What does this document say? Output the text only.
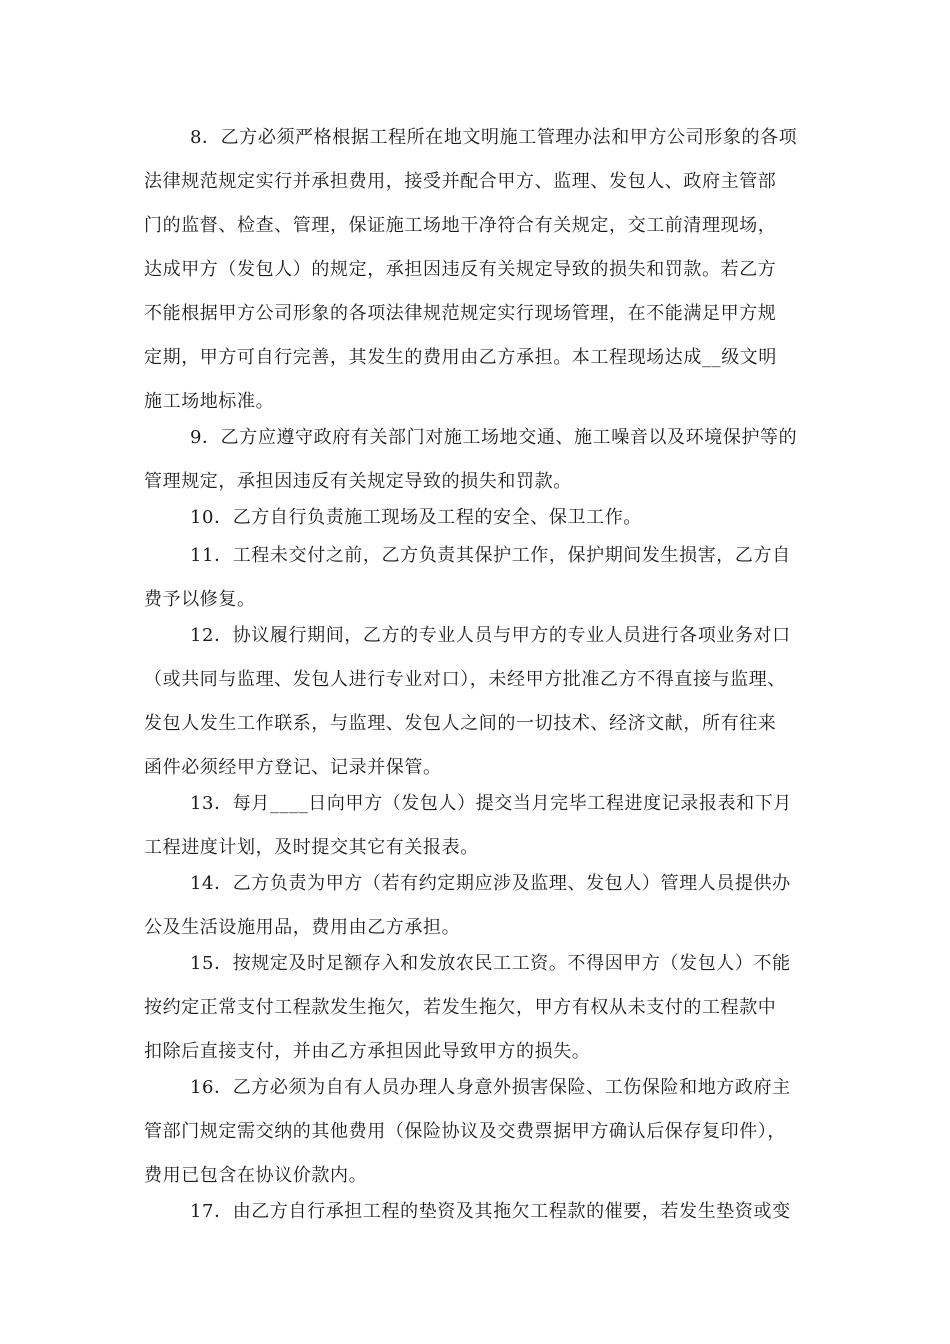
8．乙方必须严格根据工程所在地文明施工管理办法和甲方公司形象的各项
法律规范规定实行并承担费用，接受并配合甲方、监理、发包人、政府主管部
门的监督、检查、管理，保证施工场地干净符合有关规定，交工前清理现场，
达成甲方（发包人）的规定，承担因违反有关规定导致的损失和罚款。若乙方
不能根据甲方公司形象的各项法律规范规定实行现场管理，在不能满足甲方规
定期，甲方可自行完善，其发生的费用由乙方承担。本工程现场达成__级文明
施工场地标准。
9．乙方应遵守政府有关部门对施工场地交通、施工噪音以及环境保护等的
管理规定，承担因违反有关规定导致的损失和罚款。
10．乙方自行负责施工现场及工程的安全、保卫工作。
11．工程未交付之前，乙方负责其保护工作，保护期间发生损害，乙方自
费予以修复。
12．协议履行期间，乙方的专业人员与甲方的专业人员进行各项业务对口
（或共同与监理、发包人进行专业对口），未经甲方批准乙方不得直接与监理、
发包人发生工作联系，与监理、发包人之间的一切技术、经济文献，所有往来
函件必须经甲方登记、记录并保管。
13．每月____日向甲方（发包人）提交当月完毕工程进度记录报表和下月
工程进度计划，及时提交其它有关报表。
14．乙方负责为甲方（若有约定期应涉及监理、发包人）管理人员提供办
公及生活设施用品，费用由乙方承担。
15．按规定及时足额存入和发放农民工工资。不得因甲方（发包人）不能
按约定正常支付工程款发生拖欠，若发生拖欠，甲方有权从未支付的工程款中
扣除后直接支付，并由乙方承担因此导致甲方的损失。
16．乙方必须为自有人员办理人身意外损害保险、工伤保险和地方政府主
管部门规定需交纳的其他费用（保险协议及交费票据甲方确认后保存复印件），
费用已包含在协议价款内。
17．由乙方自行承担工程的垫资及其拖欠工程款的催要，若发生垫资或变
